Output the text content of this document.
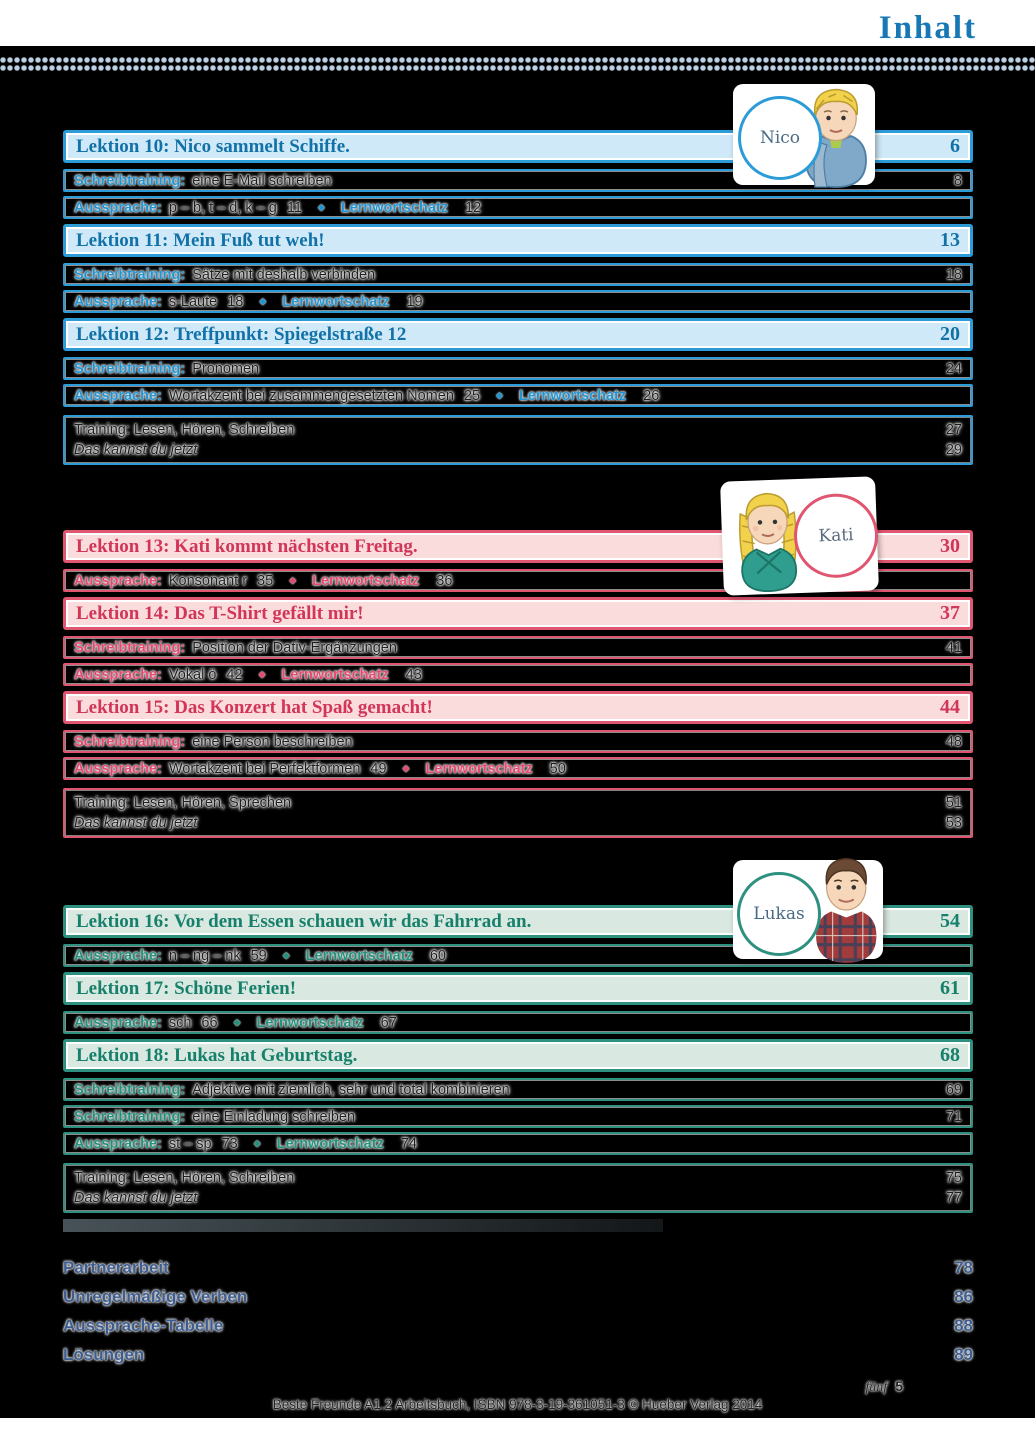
Inhalt
Lektion 10: Nico sammelt Schiffe.	6
Schreibtraining: eine E-Mail schreiben	8
Aussprache: p – b, t – d, k – g 11 ◆ Lernwortschatz 12
Lektion 11: Mein Fuß tut weh!	13
Schreibtraining: Sätze mit deshalb verbinden	18
Aussprache: s-Laute 18 ◆ Lernwortschatz 19
Lektion 12: Treffpunkt: Spiegelstraße 12	20
Schreibtraining: Pronomen	24
Aussprache: Wortakzent bei zusammengesetzten Nomen 25 ◆ Lernwortschatz 26
Training: Lesen, Hören, Schreiben	27
Das kannst du jetzt	29
Lektion 13: Kati kommt nächsten Freitag.	30
Aussprache: Konsonant r 35 ◆ Lernwortschatz 36
Lektion 14: Das T-Shirt gefällt mir!	37
Schreibtraining: Position der Dativ-Ergänzungen	41
Aussprache: Vokal ö 42 ◆ Lernwortschatz 43
Lektion 15: Das Konzert hat Spaß gemacht!	44
Schreibtraining: eine Person beschreiben	48
Aussprache: Wortakzent bei Perfektformen 49 ◆ Lernwortschatz 50
Training: Lesen, Hören, Sprechen	51
Das kannst du jetzt	53
Lektion 16: Vor dem Essen schauen wir das Fahrrad an.	54
Aussprache: n – ng – nk 59 ◆ Lernwortschatz 60
Lektion 17: Schöne Ferien!	61
Aussprache: sch 66 ◆ Lernwortschatz 67
Lektion 18: Lukas hat Geburtstag.	68
Schreibtraining: Adjektive mit ziemlich, sehr und total kombinieren	69
Schreibtraining: eine Einladung schreiben	71
Aussprache: st – sp 73 ◆ Lernwortschatz 74
Training: Lesen, Hören, Schreiben	75
Das kannst du jetzt	77
Nico
Kati
Lukas
Partnerarbeit	78
Unregelmäßige Verben	86
Aussprache-Tabelle	88
Lösungen	89
fünf 5
Beste Freunde A1.2 Arbeitsbuch, ISBN 978-3-19-361051-3 © Hueber Verlag 2014
